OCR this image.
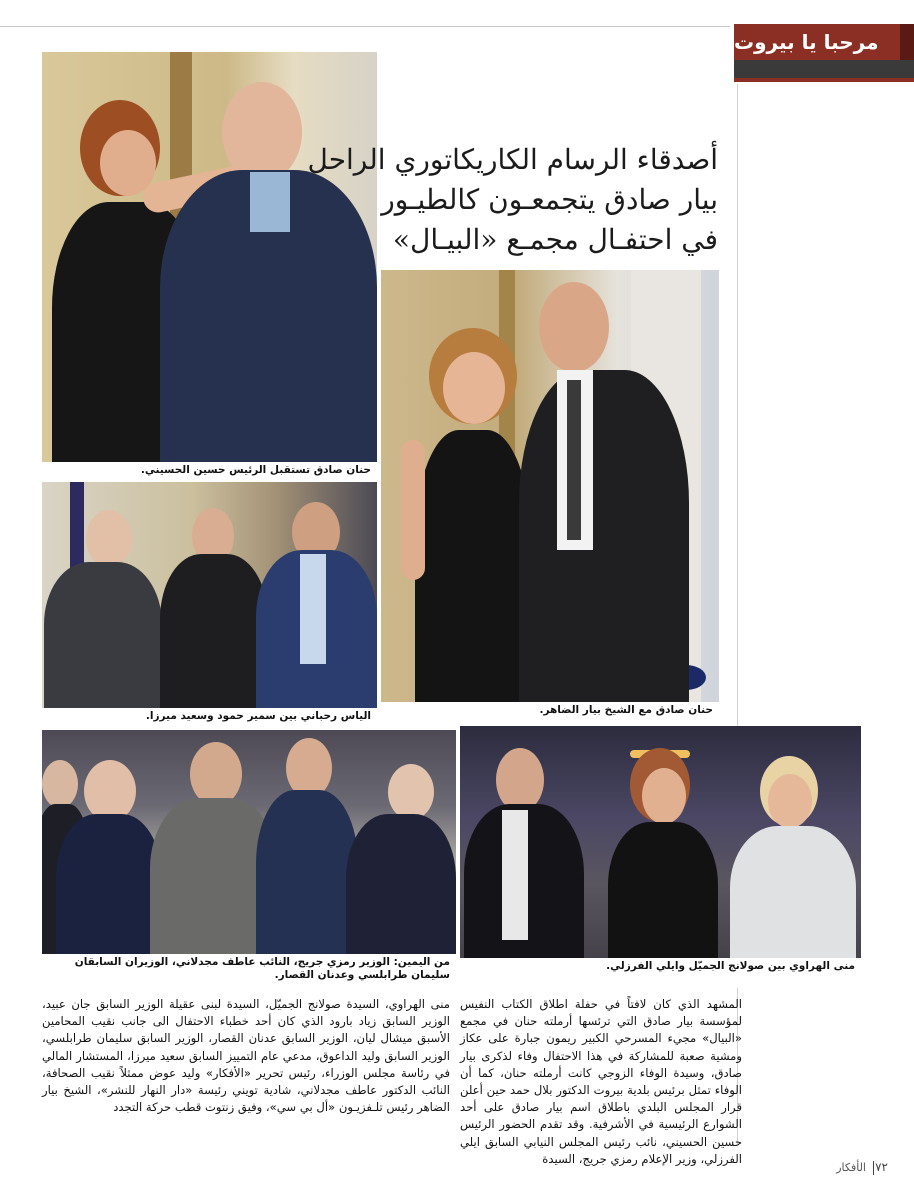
مرحبا يا بيروت
حنان صادق تستقبل الرئيس حسين الحسيني.
أصدقاء الرسام الكاريكاتوري الراحل
بيار صادق يتجمعـون كالطيـور
في احتفـال مجمـع «البيـال»
حنان صادق مع الشيخ بيار الضاهر.
الياس رحباني بين سمير حمود وسعيد ميرزا.
من اليمين: الوزير رمزي جريج، النائب عاطف مجدلاني، الوزيران السابقان سليمان طرابلسي وعدنان القصار.
منى الهراوي بين صولانج الجميّل وايلي الفرزلي.
المشهد الذي كان لافتاً في حفلة اطلاق الكتاب النفيس لمؤسسة بيار صادق التي ترئسها أرملته حنان في مجمع «البيال» مجيء المسرحي الكبير ريمون جبارة على عكاز ومشية صعبة للمشاركة في هذا الاحتفال وفاء لذكرى بيار صادق، وسيدة الوفاء الزوجي كانت أرملته حنان، كما أن الوفاء تمثل برئيس بلدية بيروت الدكتور بلال حمد حين أعلن قرار المجلس البلدي باطلاق اسم بيار صادق على أحد الشوارع الرئيسية في الأشرفية. وقد تقدم الحضور الرئيس حسين الحسيني، نائب رئيس المجلس النيابي السابق ايلي الفرزلي، وزير الإعلام رمزي جريج، السيدة
منى الهراوي، السيدة صولانج الجميّل، السيدة لبنى عقيلة الوزير السابق جان عبيد، الوزير السابق زياد بارود الذي كان أحد خطباء الاحتفال الى جانب نقيب المحامين الأسبق ميشال ليان، الوزير السابق عدنان القصار، الوزير السابق سليمان طرابلسي، الوزير السابق وليد الداعوق، مدعي عام التمييز السابق سعيد ميرزا، المستشار المالي في رئاسة مجلس الوزراء، رئيس تحرير «الأفكار» وليد عوض ممثلاً نقيب الصحافة، النائب الدكتور عاطف مجدلاني، شادية تويني رئيسة «دار النهار للنشر»، الشيخ بيار الضاهر رئيس تلـفزيـون «أل بي سي»، وفيق زنتوت قطب حركة التجدد
الأفكار ٧٢
